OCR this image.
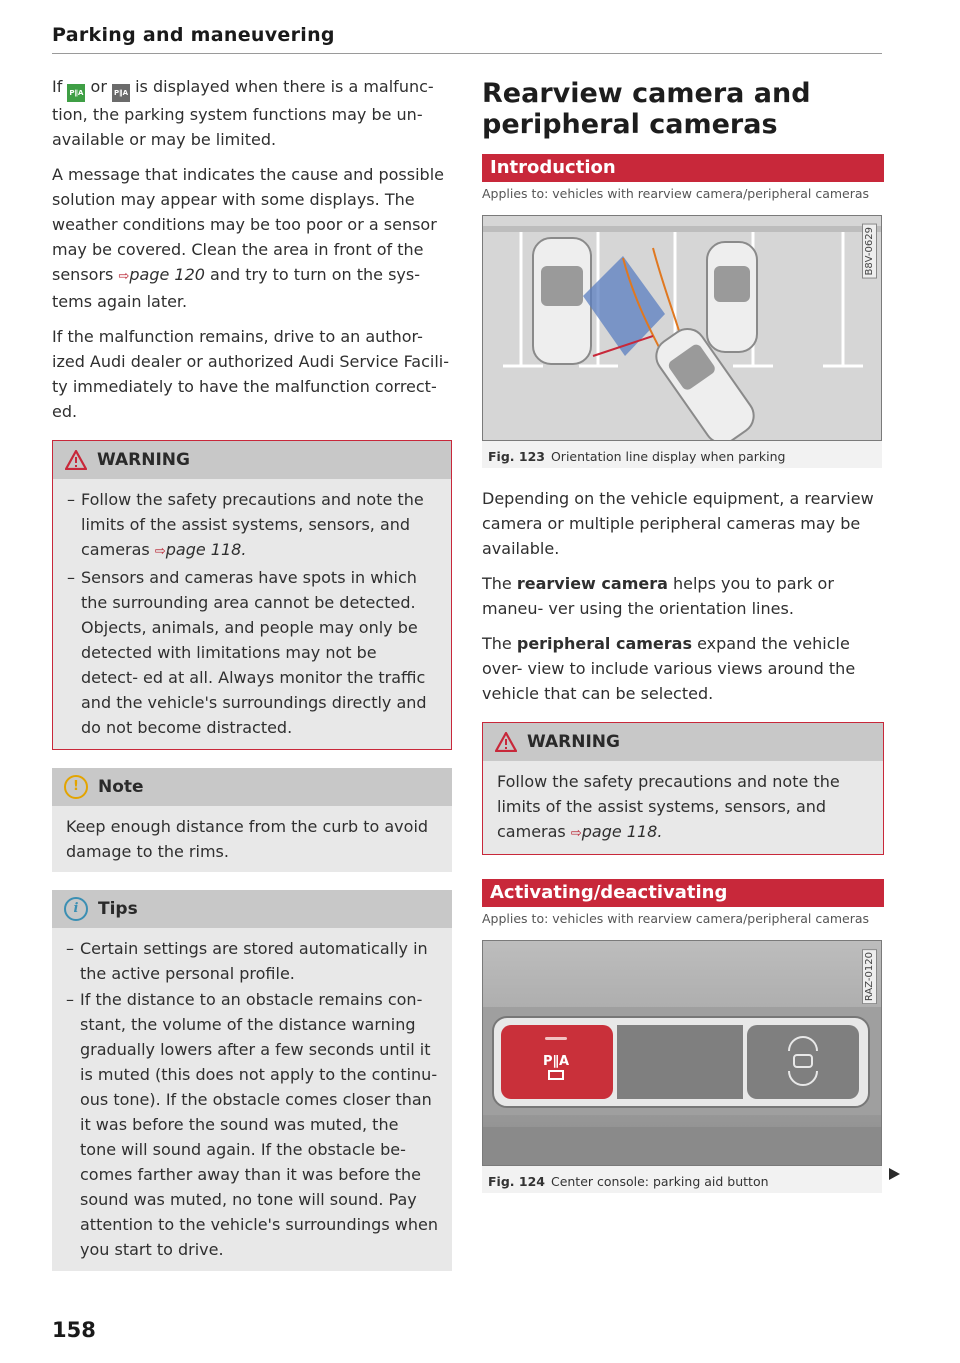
Parking and maneuvering

If P∥A or P∥A is displayed when there is a malfunc- tion, the parking system functions may be un- available or may be limited.

A message that indicates the cause and possible solution may appear with some displays. The weather conditions may be too poor or a sensor may be covered. Clean the area in front of the sensors ⇨page 120 and try to turn on the sys- tems again later.

If the malfunction remains, drive to an author- ized Audi dealer or authorized Audi Service Facili- ty immediately to have the malfunction correct- ed.

WARNING
– Follow the safety precautions and note the limits of the assist systems, sensors, and cameras ⇨page 118.
– Sensors and cameras have spots in which the surrounding area cannot be detected. Objects, animals, and people may only be detected with limitations may not be detect- ed at all. Always monitor the traffic and the vehicle's surroundings directly and do not become distracted.
!	Note
Keep enough distance from the curb to avoid damage to the rims.
i	Tips
– Certain settings are stored automatically in the active personal profile.
– If the distance to an obstacle remains con- stant, the volume of the distance warning gradually lowers after a few seconds until it is muted (this does not apply to the continu- ous tone). If the obstacle comes closer than it was before the sound was muted, the tone will sound again. If the obstacle be- comes farther away than it was before the sound was muted, no tone will sound. Pay attention to the vehicle's surroundings when you start to drive.
Rearview camera and peripheral cameras
Introduction
Applies to: vehicles with rearview camera/peripheral cameras
B8V-0629
Fig. 123 Orientation line display when parking

Depending on the vehicle equipment, a rearview camera or multiple peripheral cameras may be available.

The rearview camera helps you to park or maneu- ver using the orientation lines.

The peripheral cameras expand the vehicle over- view to include various views around the vehicle that can be selected.

WARNING
Follow the safety precautions and note the limits of the assist systems, sensors, and cameras ⇨page 118.
Activating/deactivating
Applies to: vehicles with rearview camera/peripheral cameras
P∥A
RAZ-0120
Fig. 124 Center console: parking aid button
158
